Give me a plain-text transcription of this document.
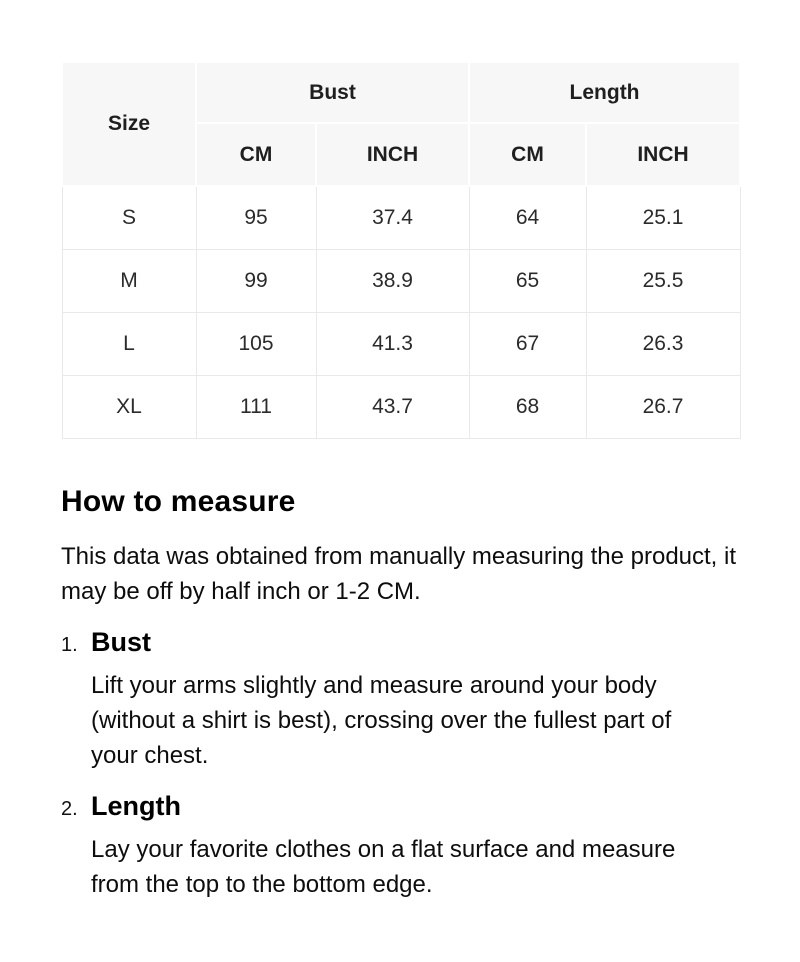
Size	Bust		Length	
	CM	INCH	CM	INCH
S	95	37.4	64	25.1
M	99	38.9	65	25.5
L	105	41.3	67	26.3
XL	111	43.7	68	26.7
How to measure

This data was obtained from manually measuring the product, it may be off by half inch or 1-2 CM.

1. Bust

Lift your arms slightly and measure around your body (without a shirt is best), crossing over the fullest part of your chest.

2. Length

Lay your favorite clothes on a flat surface and measure from the top to the bottom edge.
